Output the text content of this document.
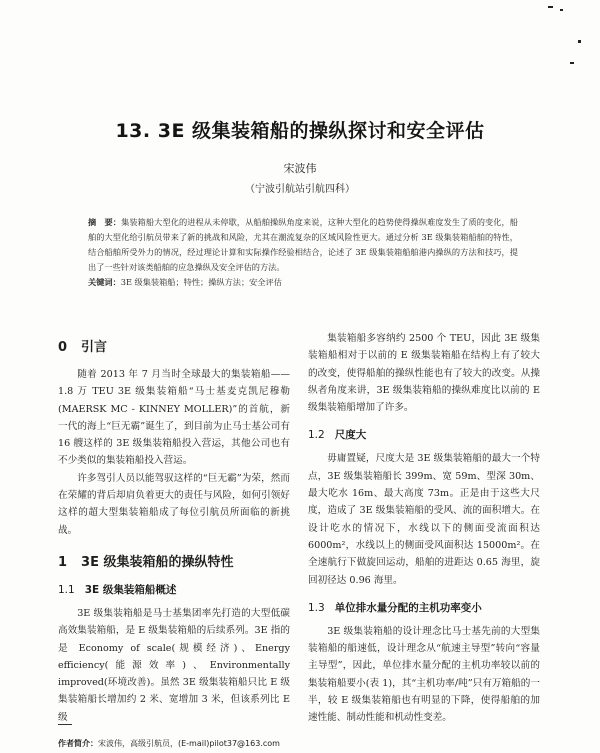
13. 3E 级集装箱船的操纵探讨和安全评估
宋波伟
（宁波引航站引航四科）
摘　要：集装箱船大型化的进程从未停歇，从船舶操纵角度来说，这种大型化的趋势使得操纵难度发生了质的变化，船舶的大型化给引航员带来了新的挑战和风险，尤其在潮流复杂的区域风险性更大。通过分析 3E 级集装箱船舶的特性，结合船舶所受外力的情况，经过理论计算和实际操作经验相结合，论述了 3E 级集装箱船舶港内操纵的方法和技巧，提出了一些针对该类船舶的应急操纵及安全评估的方法。
关键词：3E 级集装箱船；特性；操纵方法；安全评估
0 引言

随着 2013 年 7 月当时全球最大的集装箱船——1.8 万 TEU 3E 级集装箱船“马士基麦克凯尼穆勒(MAERSK MC - KINNEY MOLLER)”的首航，新一代的海上“巨无霸”诞生了，到目前为止马士基公司有 16 艘这样的 3E 级集装箱船投入营运，其他公司也有不少类似的集装箱船投入营运。

许多驾引人员以能驾驭这样的“巨无霸”为荣，然而在荣耀的背后却肩负着更大的责任与风险，如何引领好这样的超大型集装箱船成了每位引航员所面临的新挑战。

1 3E 级集装箱船的操纵特性
1.1 3E 级集装箱船概述

3E 级集装箱船是马士基集团率先打造的大型低碳高效集装箱船，是 E 级集装箱船的后续系列。3E 指的是 Economy of scale(规模经济)、Energy efficiency(能源效率)、Environmentally improved(环境改善)。虽然 3E 级集装箱船只比 E 级集装箱船长增加约 2 米、宽增加 3 米，但该系列比 E 级

集装箱船多容纳约 2500 个 TEU，因此 3E 级集装箱船相对于以前的 E 级集装箱船在结构上有了较大的改变，使得船舶的操纵性能也有了较大的改变。从操纵者角度来讲，3E 级集装箱船的操纵难度比以前的 E 级集装箱船增加了许多。

1.2 尺度大

毋庸置疑，尺度大是 3E 级集装箱船的最大一个特点，3E 级集装箱船长 399m、宽 59m、型深 30m、最大吃水 16m、最大高度 73m。正是由于这些大尺度，造成了 3E 级集装箱船的受风、流的面积增大。在设计吃水的情况下，水线以下的侧面受流面积达 6000m²，水线以上的侧面受风面积达 15000m²。在全速航行下做旋回运动，船舶的进距达 0.65 海里，旋回初径达 0.96 海里。

1.3 单位排水量分配的主机功率变小

3E 级集装箱船的设计理念比马士基先前的大型集装箱船的船速低，设计理念从“航速主导型”转向“容量主导型”，因此，单位排水量分配的主机功率较以前的集装箱船要小(表 1)，其“主机功率/吨”只有万箱船的一半，较 E 级集装箱船也有明显的下降，使得船舶的加速性能、制动性能和机动性变差。

作者简介：宋波伟，高级引航员，(E-mail)pilot37@163.com
